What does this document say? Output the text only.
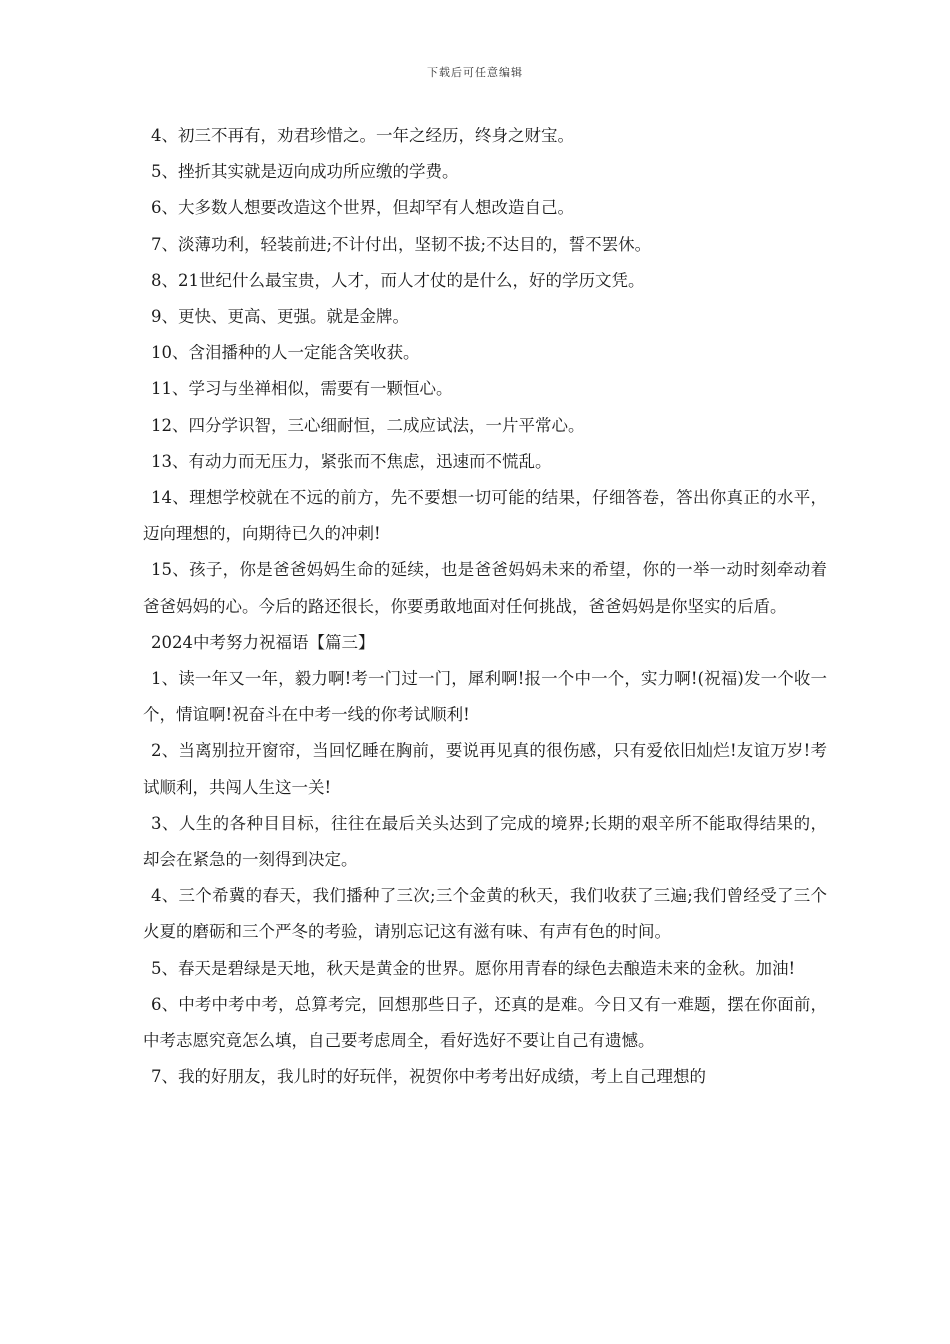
下载后可任意编辑

4、初三不再有，劝君珍惜之。一年之经历，终身之财宝。

5、挫折其实就是迈向成功所应缴的学费。

6、大多数人想要改造这个世界，但却罕有人想改造自己。

7、淡薄功利，轻装前进;不计付出，坚韧不拔;不达目的，誓不罢休。

8、21世纪什么最宝贵，人才，而人才仗的是什么，好的学历文凭。

9、更快、更高、更强。就是金牌。

10、含泪播种的人一定能含笑收获。

11、学习与坐禅相似，需要有一颗恒心。

12、四分学识智，三心细耐恒，二成应试法，一片平常心。

13、有动力而无压力，紧张而不焦虑，迅速而不慌乱。

14、理想学校就在不远的前方，先不要想一切可能的结果，仔细答卷，答出你真正的水平，迈向理想的，向期待已久的冲刺!

15、孩子，你是爸爸妈妈生命的延续，也是爸爸妈妈未来的希望，你的一举一动时刻牵动着爸爸妈妈的心。今后的路还很长，你要勇敢地面对任何挑战，爸爸妈妈是你坚实的后盾。

2024中考努力祝福语【篇三】

1、读一年又一年，毅力啊!考一门过一门，犀利啊!报一个中一个，实力啊!(祝福)发一个收一个，情谊啊!祝奋斗在中考一线的你考试顺利!

2、当离别拉开窗帘，当回忆睡在胸前，要说再见真的很伤感，只有爱依旧灿烂!友谊万岁!考试顺利，共闯人生这一关!

3、人生的各种目目标，往往在最后关头达到了完成的境界;长期的艰辛所不能取得结果的，却会在紧急的一刻得到决定。

4、三个希冀的春天，我们播种了三次;三个金黄的秋天，我们收获了三遍;我们曾经受了三个火夏的磨砺和三个严冬的考验，请别忘记这有滋有味、有声有色的时间。

5、春天是碧绿是天地，秋天是黄金的世界。愿你用青春的绿色去酿造未来的金秋。加油!

6、中考中考中考，总算考完，回想那些日子，还真的是难。今日又有一难题，摆在你面前，中考志愿究竟怎么填，自己要考虑周全，看好选好不要让自己有遗憾。

7、我的好朋友，我儿时的好玩伴，祝贺你中考考出好成绩，考上自己理想的
